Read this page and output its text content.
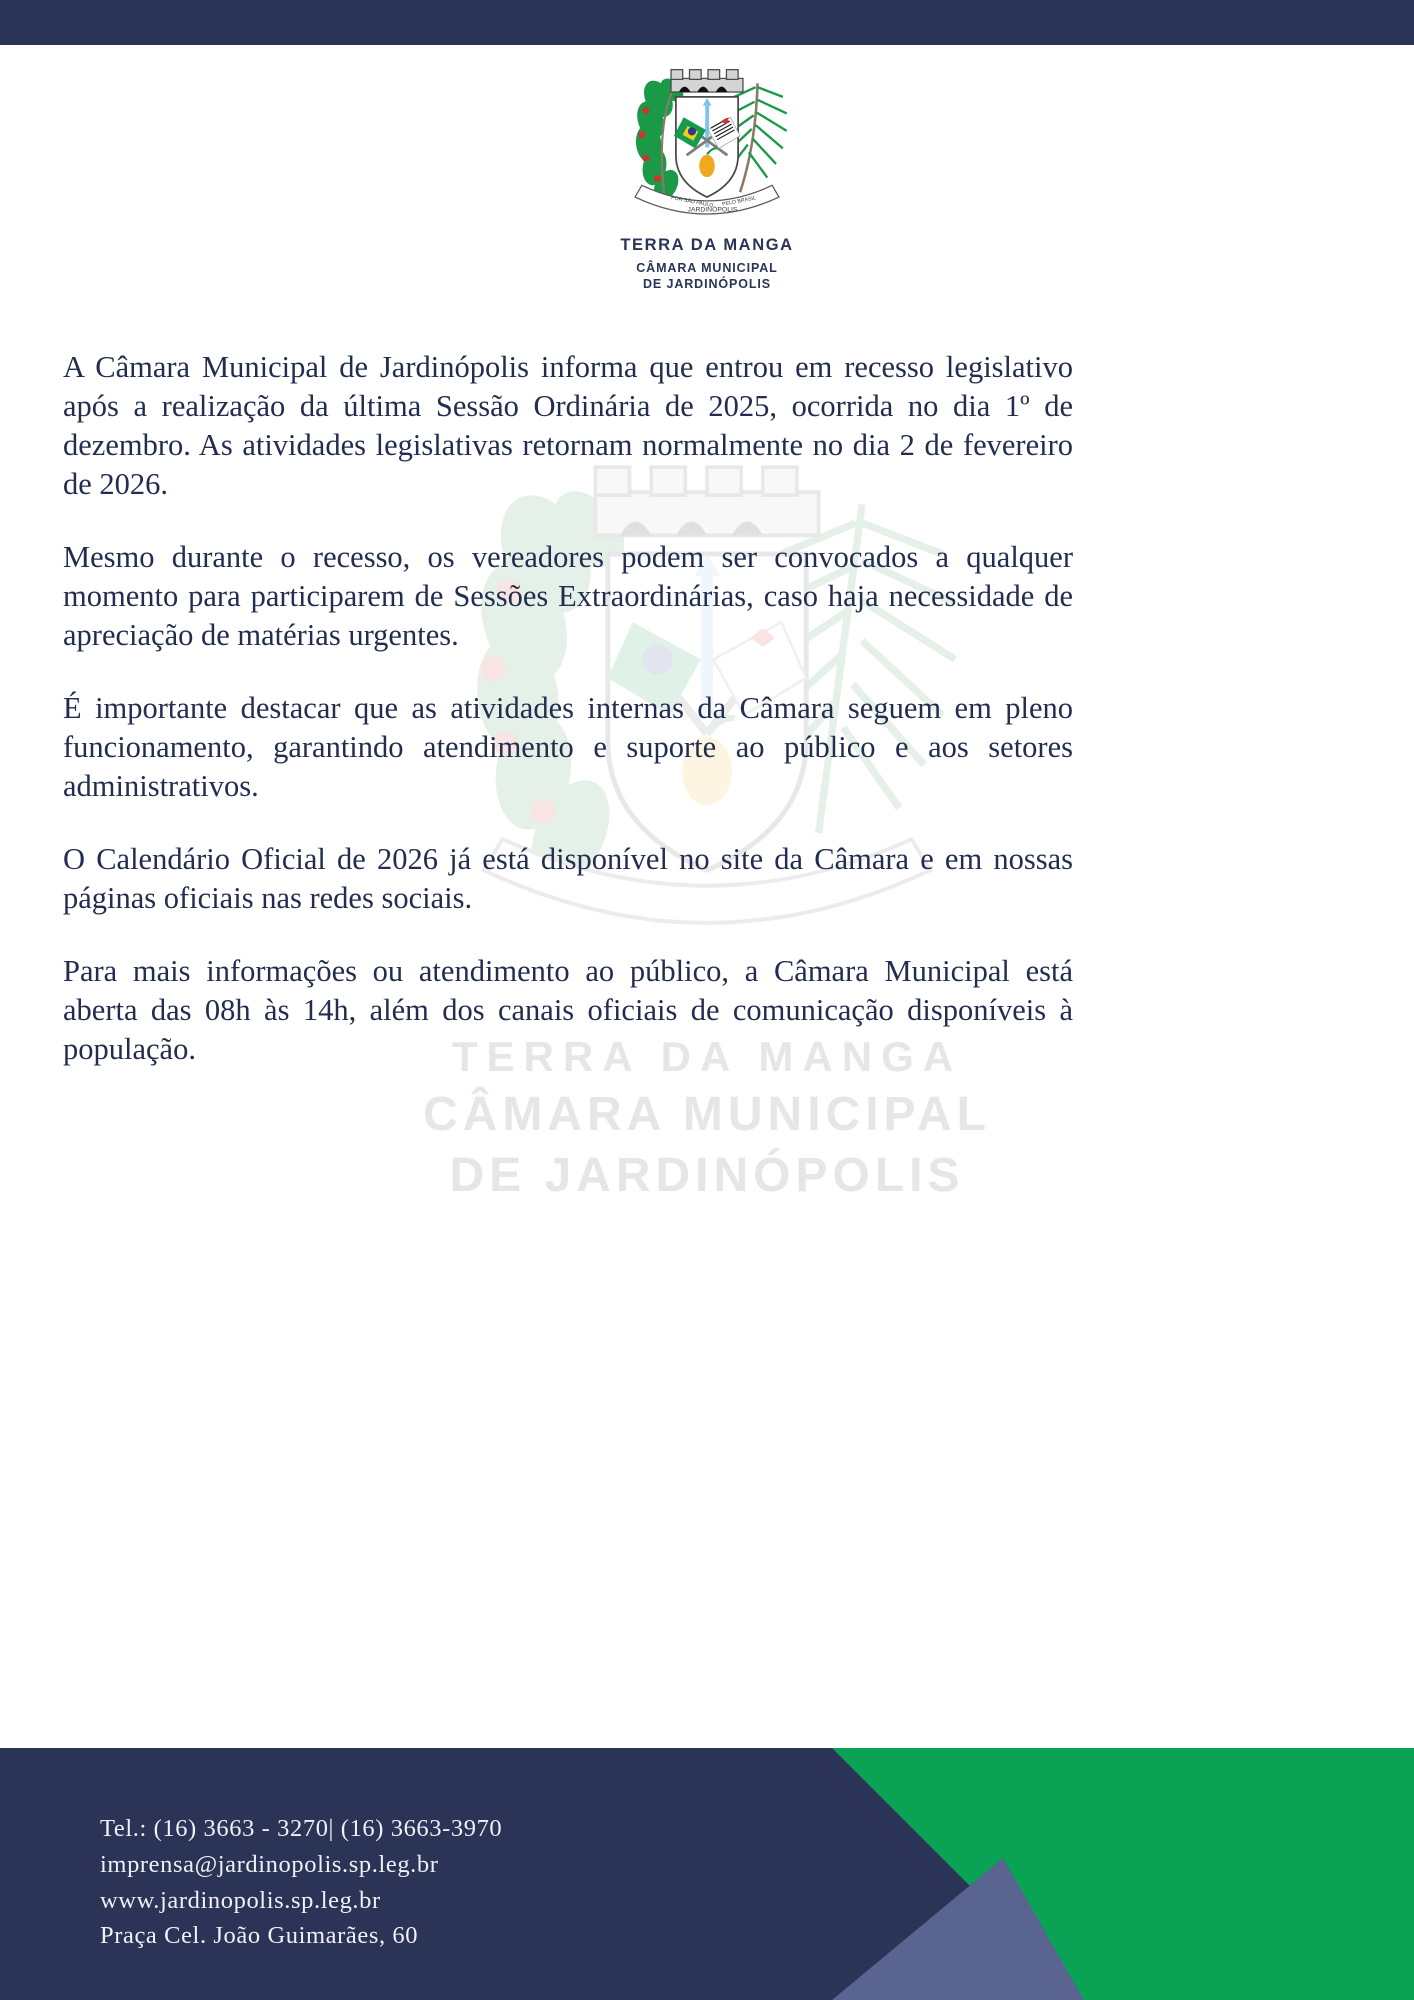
TERRA DA MANGA
CÂMARA MUNICIPAL
DE JARDINÓPOLIS
POR SÃO PAULO
JARDINÓPOLIS
PELO BRASIL
TERRA DA MANGA
CÂMARA MUNICIPAL
DE JARDINÓPOLIS

A Câmara Municipal de Jardinópolis informa que entrou em recesso legislativo após a realização da última Sessão Ordinária de 2025, ocorrida no dia 1º de dezembro. As atividades legislativas retornam normalmente no dia 2 de fevereiro de 2026.

Mesmo durante o recesso, os vereadores podem ser convocados a qualquer momento para participarem de Sessões Extraordinárias, caso haja necessidade de apreciação de matérias urgentes.

É importante destacar que as atividades internas da Câmara seguem em pleno funcionamento, garantindo atendimento e suporte ao público e aos setores administrativos.

O Calendário Oficial de 2026 já está disponível no site da Câmara e em nossas páginas oficiais nas redes sociais.

Para mais informações ou atendimento ao público, a Câmara Municipal está aberta das 08h às 14h, além dos canais oficiais de comunicação disponíveis à população.

Tel.: (16) 3663 - 3270| (16) 3663-3970
imprensa@jardinopolis.sp.leg.br
www.jardinopolis.sp.leg.br
Praça Cel. João Guimarães, 60
